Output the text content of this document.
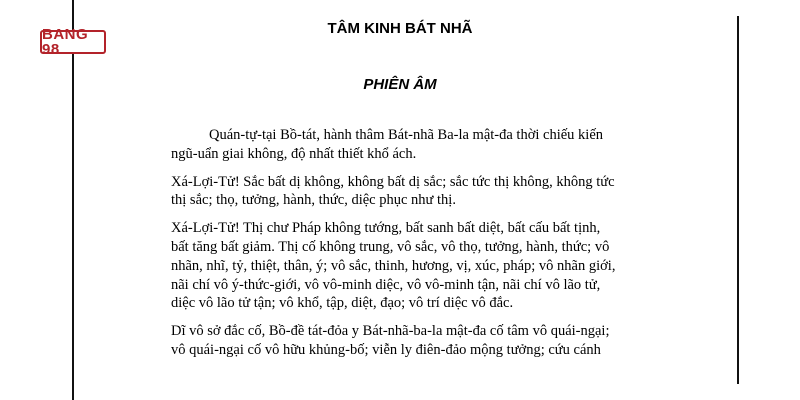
BANG 98
TÂM KINH BÁT NHÃ
PHIÊN ÂM

Quán-tự-tại Bồ-tát, hành thâm Bát-nhã Ba-la mật-đa thời chiếu kiến
ngũ-uẩn giai không, độ nhất thiết khổ ách.

Xá-Lợi-Tử! Sắc bất dị không, không bất dị sắc; sắc tức thị không, không tức
thị sắc; thọ, tưởng, hành, thức, diệc phục như thị.

Xá-Lợi-Tử! Thị chư Pháp không tướng, bất sanh bất diệt, bất cấu bất tịnh,
bất tăng bất giảm. Thị cố không trung, vô sắc, vô thọ, tưởng, hành, thức; vô
nhãn, nhĩ, tỷ, thiệt, thân, ý; vô sắc, thinh, hương, vị, xúc, pháp; vô nhãn giới,
nãi chí vô ý-thức-giới, vô vô-minh diệc, vô vô-minh tận, nãi chí vô lão tử,
diệc vô lão tử tận; vô khổ, tập, diệt, đạo; vô trí diệc vô đắc.

Dĩ vô sở đắc cố, Bồ-đề tát-đỏa y Bát-nhã-ba-la mật-đa cố tâm vô quái-ngại;
vô quái-ngại cố vô hữu khủng-bố; viễn ly điên-đảo mộng tưởng; cứu cánh
